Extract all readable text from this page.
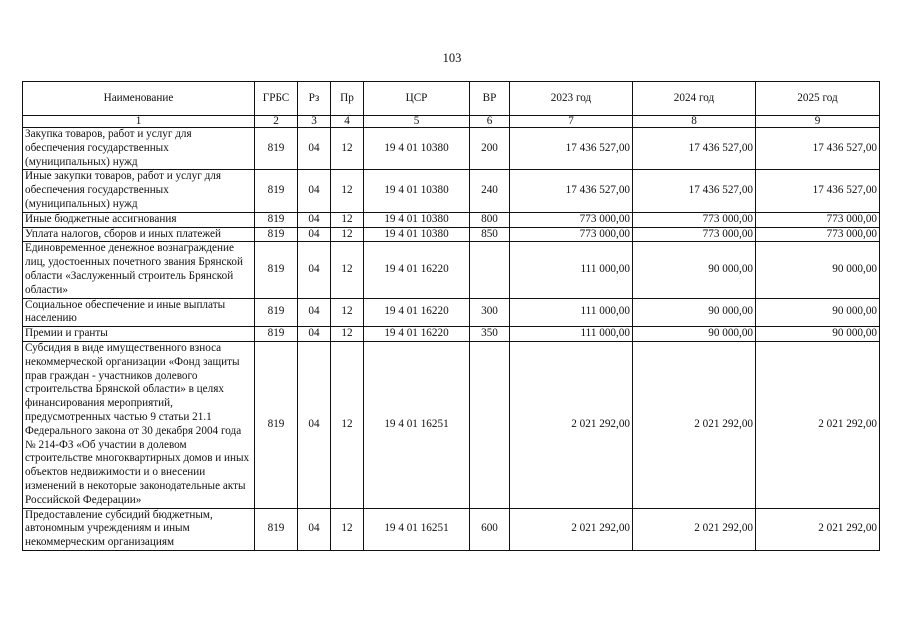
103
Наименование	ГРБС	Рз	Пр	ЦСР	ВР	2023 год	2024 год	2025 год
1	2	3	4	5	6	7	8	9
Закупка товаров, работ и услуг для обеспечения государственных (муниципальных) нужд	819	04	12	19 4 01 10380	200	17 436 527,00	17 436 527,00	17 436 527,00
Иные закупки товаров, работ и услуг для обеспечения государственных (муниципальных) нужд	819	04	12	19 4 01 10380	240	17 436 527,00	17 436 527,00	17 436 527,00
Иные бюджетные ассигнования	819	04	12	19 4 01 10380	800	773 000,00	773 000,00	773 000,00
Уплата налогов, сборов и иных платежей	819	04	12	19 4 01 10380	850	773 000,00	773 000,00	773 000,00
Единовременное денежное вознаграждение лиц, удостоенных почетного звания Брянской области «Заслуженный строитель Брянской области»	819	04	12	19 4 01 16220		111 000,00	90 000,00	90 000,00
Социальное обеспечение и иные выплаты населению	819	04	12	19 4 01 16220	300	111 000,00	90 000,00	90 000,00
Премии и гранты	819	04	12	19 4 01 16220	350	111 000,00	90 000,00	90 000,00
Субсидия в виде имущественного взноса некоммерческой организации «Фонд защиты прав граждан - участников долевого строительства Брянской области» в целях финансирования мероприятий, предусмотренных частью 9 статьи 21.1 Федерального закона от 30 декабря 2004 года № 214-ФЗ «Об участии в долевом строительстве многоквартирных домов и иных объектов недвижимости и о внесении изменений в некоторые законодательные акты Российской Федерации»	819	04	12	19 4 01 16251		2 021 292,00	2 021 292,00	2 021 292,00
Предоставление субсидий бюджетным, автономным учреждениям и иным некоммерческим организациям	819	04	12	19 4 01 16251	600	2 021 292,00	2 021 292,00	2 021 292,00
